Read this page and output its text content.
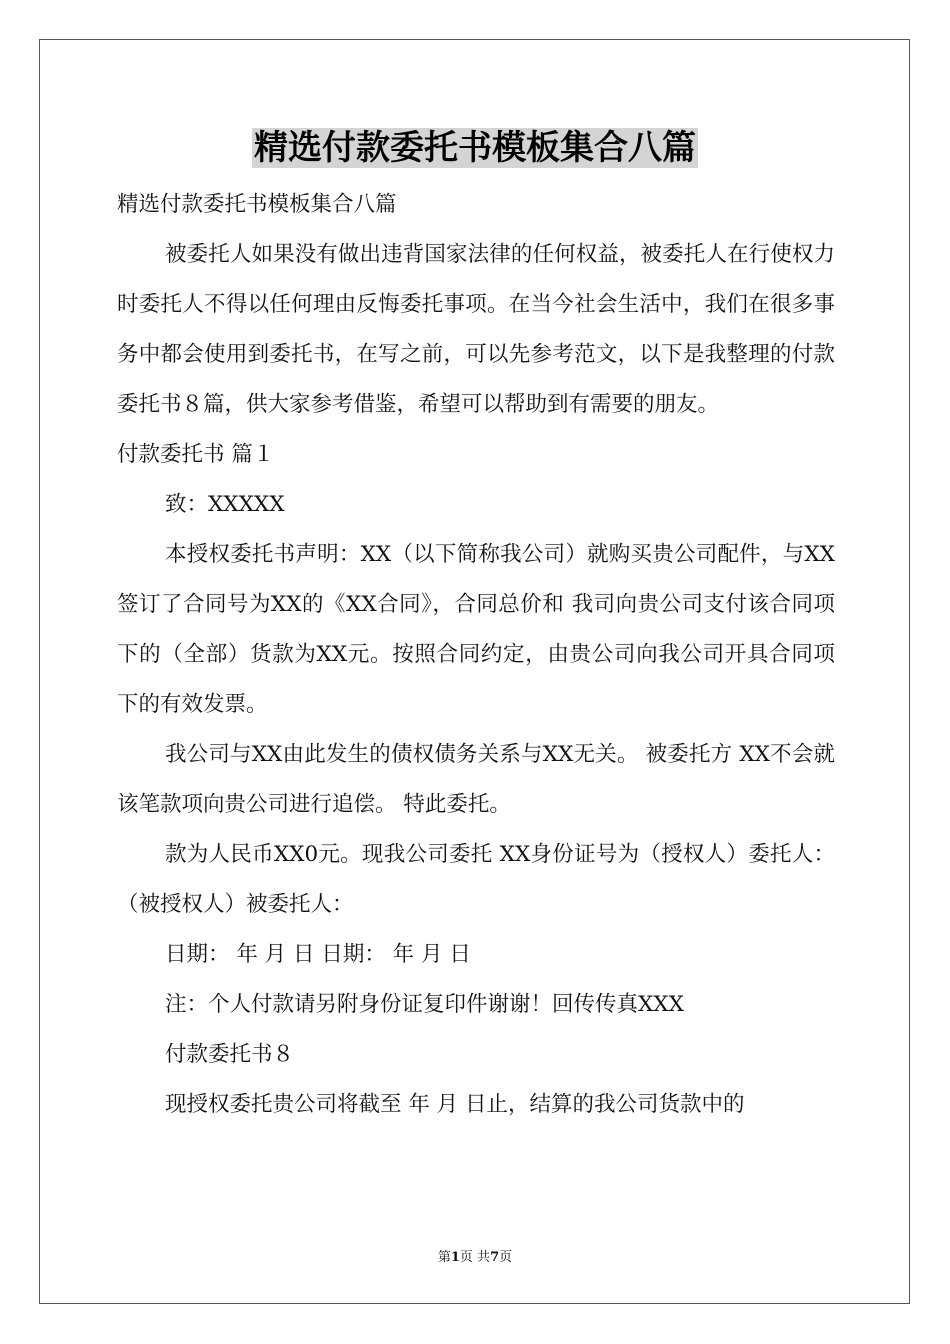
精选付款委托书模板集合八篇

精选付款委托书模板集合八篇

被委托人如果没有做出违背国家法律的任何权益，被委托人在行使权力时委托人不得以任何理由反悔委托事项。在当今社会生活中，我们在很多事务中都会使用到委托书，在写之前，可以先参考范文，以下是我整理的付款委托书８篇，供大家参考借鉴，希望可以帮助到有需要的朋友。

付款委托书 篇１

致：XXXXX

本授权委托书声明：XX（以下简称我公司）就购买贵公司配件，与XX签订了合同号为XX的《XX合同》，合同总价和 我司向贵公司支付该合同项下的（全部）货款为XX元。按照合同约定，由贵公司向我公司开具合同项下的有效发票。

我公司与XX由此发生的债权债务关系与XX无关。 被委托方 XX不会就该笔款项向贵公司进行追偿。 特此委托。

款为人民币XX0元。现我公司委托 XX身份证号为（授权人）委托人： （被授权人）被委托人：

日期： 年 月 日 日期： 年 月 日

注：个人付款请另附身份证复印件谢谢！回传传真XXX

付款委托书８

现授权委托贵公司将截至 年 月 日止，结算的我公司货款中的

第1页 共7页
